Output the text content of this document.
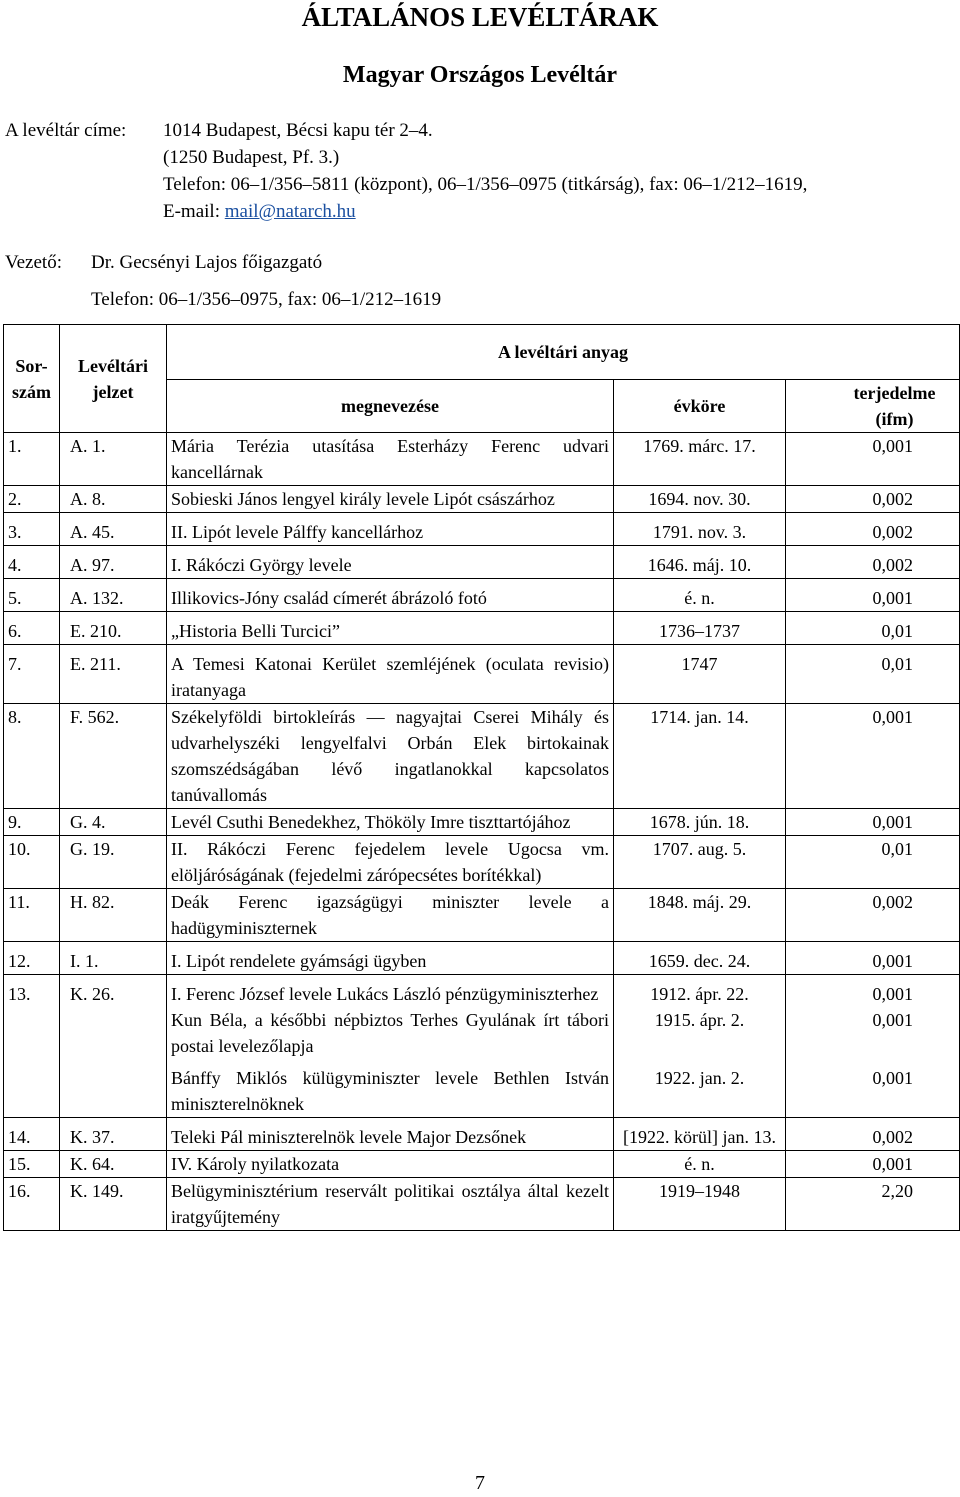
ÁLTALÁNOS LEVÉLTÁRAK
Magyar Országos Levéltár
A levéltár címe: 1014 Budapest, Bécsi kapu tér 2–4.
(1250 Budapest, Pf. 3.)
Telefon: 06–1/356–5811 (központ), 06–1/356–0975 (titkárság), fax: 06–1/212–1619,
E-mail: mail@natarch.hu
Vezető: Dr. Gecsényi Lajos főigazgató
Telefon: 06–1/356–0975, fax: 06–1/212–1619
Sor-szám	Levéltári jelzet	A levéltári anyag		
		megnevezése	évköre	terjedelme (ifm)
1.	A. 1.	Mária Terézia utasítása Esterházy Ferenc udvari kancellárnak	1769. márc. 17.	0,001
2.	A. 8.	Sobieski János lengyel király levele Lipót császárhoz	1694. nov. 30.	0,002
3.	A. 45.	II. Lipót levele Pálffy kancellárhoz	1791. nov. 3.	0,002
4.	A. 97.	I. Rákóczi György levele	1646. máj. 10.	0,002
5.	A. 132.	Illikovics-Jóny család címerét ábrázoló fotó	é. n.	0,001
6.	E. 210.	„Historia Belli Turcici”	1736–1737	0,01
7.	E. 211.	A Temesi Katonai Kerület szemléjének (oculata revisio) iratanyaga	1747	0,01
8.	F. 562.	Székelyföldi birtokleírás — nagyajtai Cserei Mihály és udvarhelyszéki lengyelfalvi Orbán Elek birtokainak szomszédságában lévő ingatlanokkal kapcsolatos tanúvallomás	1714. jan. 14.	0,001
9.	G. 4.	Levél Csuthi Benedekhez, Thököly Imre tiszttartójához	1678. jún. 18.	0,001
10.	G. 19.	II. Rákóczi Ferenc fejedelem levele Ugocsa vm. elöljáróságának (fejedelmi zárópecsétes borítékkal)	1707. aug. 5.	0,01
11.	H. 82.	Deák Ferenc igazságügyi miniszter levele a hadügyminiszternek	1848. máj. 29.	0,002
12.	I. 1.	I. Lipót rendelete gyámsági ügyben	1659. dec. 24.	0,001
13.	K. 26.	I. Ferenc József levele Lukács László pénzügyminiszterhez	1912. ápr. 22.	0,001
		Kun Béla, a későbbi népbiztos Terhes Gyulának írt tábori postai levelezőlapja	1915. ápr. 2.	0,001
		Bánffy Miklós külügyminiszter levele Bethlen István miniszterelnöknek	1922. jan. 2.	0,001
14.	K. 37.	Teleki Pál miniszterelnök levele Major Dezsőnek	[1922. körül] jan. 13.	0,002
15.	K. 64.	IV. Károly nyilatkozata	é. n.	0,001
16.	K. 149.	Belügyminisztérium reservált politikai osztálya által kezelt iratgyűjtemény	1919–1948	2,20
7
